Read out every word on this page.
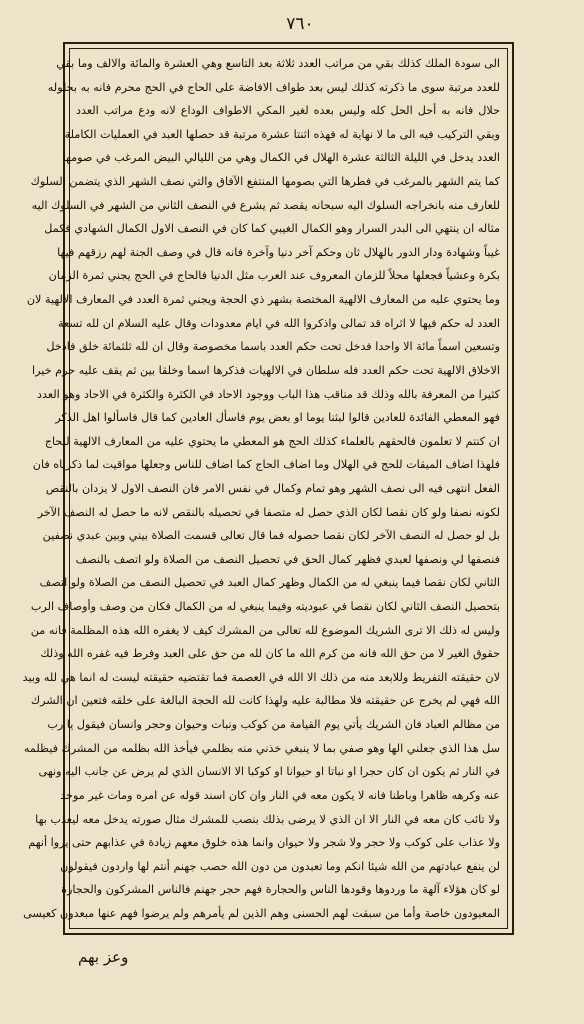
٧٦٠
الى سودة الملك كذلك بقي من مراتب العدد ثلاثة بعد التاسع وهي العشرة والمائة والالف وما بقي
للعدد مرتبة سوى ما ذكرته كذلك ليس بعد طواف الافاضة على الحاج في الحج محرم فانه به بحلوله
حلال فانه به أحل الحل كله وليس بعده لغير المكي الاطواف الوداع لانه ودع مراتب العدد
وبقي التركيب فيه الى ما لا نهاية له فهذه اثنتا عشرة مرتبة قد حصلها العبد في العمليات الكاملة
العدد يدخل في الليلة الثالثة عشرة الهلال في الكمال وهي من الليالي البيض المرغب في صومها
كما يتم الشهر بالمرغب في فطرها التي بصومها المنتفع الآفاق والتي نصف الشهر الذي يتضمن السلوك
للعارف منه بانخراجه السلوك اليه سبحانه يقصد ثم يشرع في النصف الثاني من الشهر في السلوك اليه
مثاله ان ينتهي الى البدر السرار وهو الكمال الغيبي كما كان في النصف الاول الكمال الشهادي فكمل
غيباً وشهادة ودار الدور بالهلال ثان وحكم آخر دنيا وآخرة فانه قال في وصف الجنة لهم رزقهم فيها
بكرة وعشياً فجعلها محلاً للزمان المعروف عند العرب مثل الدنيا فالحاج في الحج يجني ثمرة الزمان
وما يحتوي عليه من المعارف الالهية المختصة بشهر ذي الحجة ويجني ثمرة العدد في المعارف الالهية لان
العدد له حكم فيها لا اثراه قد تمالى واذكروا الله في ايام معدودات وقال عليه السلام ان لله تسعة
وتسعين اسماً مائة الا واحدا فدخل تحت حكم العدد باسما مخصوصة وقال ان لله ثلثمائة خلق فادخل
الاخلاق الالهية تحت حكم العدد فله سلطان في الالهيات فذكرها اسما وخلقا بين ثم يقف عليه حرم خيرا
كثيرا من المعرفة بالله وذلك قد مناقب هذا الباب ووجود الاحاد في الكثرة والكثرة في الاحاد وهو العدد
فهو المعطي الفائدة للعادين قالوا لبثنا يوما او بعض يوم فاسأل العادين كما قال فاسألوا اهل الذكر
ان كنتم لا تعلمون فالحقهم بالعلماء كذلك الحج هو المعطي ما يحتوي عليه من المعارف الالهية للحاج
فلهذا اضاف الميقات للحج في الهلال وما اضاف الحاج كما اضاف للناس وجعلها مواقيت لما ذكرناه فان
الفعل انتهى فيه الى نصف الشهر وهو تمام وكمال في نفس الامر فان النصف الاول لا يزدان بالنقص
لكونه نصفا ولو كان نقصا لكان الذي حصل له متصفا في تحصيله بالنقص لانه ما حصل له النصف الآخر
بل لو حصل له النصف الآخر لكان نقصا حصوله فما قال تعالى قسمت الصلاة بيني وبين عبدي نصفين
فنصفها لي ونصفها لعبدي فظهر كمال الحق في تحصيل النصف من الصلاة ولو اتصف بالنصف
الثاني لكان نقصا فيما ينبغي له من الكمال وظهر كمال العبد في تحصيل النصف من الصلاة ولو اتصف
بتحصيل النصف الثاني لكان نقصا في عبوديته وفيما ينبغي له من الكمال فكان من وصف وأوصاف الرب
وليس له ذلك الا ترى الشريك الموضوع لله تعالى من المشرك كيف لا يغفره الله هذه المظلمة فانه من
حقوق الغير لا من حق الله فانه من كرم الله ما كان لله من حق على العبد وفرط فيه غفره الله وذلك
لان حقيقته التفريط وللابعد منه من ذلك الا الله في العصمة فما تقتضيه حقيقته ليست له انما هي لله وبيد
الله فهي لم يخرج عن حقيقته فلا مطالبة عليه ولهذا كانت لله الحجة البالغة على خلقه فتعين ان الشرك
من مظالم العباد فان الشريك يأتي يوم القيامة من كوكب ونبات وحيوان وحجر وانسان فيقول يا رب
سل هذا الذي جعلني الها وهو صفي بما لا ينبغي خذني منه بظلمي فيأخذ الله بظلمه من المشرك فيظلمه
في النار ثم يكون ان كان حجرا او نباتا او حيوانا او كوكبا الا الانسان الذي لم يرض عن جانب اليه ونهى
عنه وكرهه ظاهرا وباطنا فانه لا يكون معه في النار وان كان اسند قوله عن امره ومات غير موحد
ولا تائب كان معه في النار الا ان الذي لا يرضى بذلك بنصب للمشرك مثال صورته يدخل معه ليعذب بها
ولا عذاب على كوكب ولا حجر ولا شجر ولا حيوان وانما هذه خلوق معهم زيادة في عذابهم حتى يروا أنهم
لن ينفع عبادتهم من الله شيئا انكم وما تعبدون من دون الله حصب جهنم أنتم لها واردون فيقولون
لو كان هؤلاء آلهة ما وردوها وقودها الناس والحجارة فهم حجر جهنم فالناس المشركون والحجارة
المعبودون خاصة وأما من سبقت لهم الحسنى وهم الذين لم يأمرهم ولم يرضوا فهم عنها مبعدون كعيسى
وعز بهم
